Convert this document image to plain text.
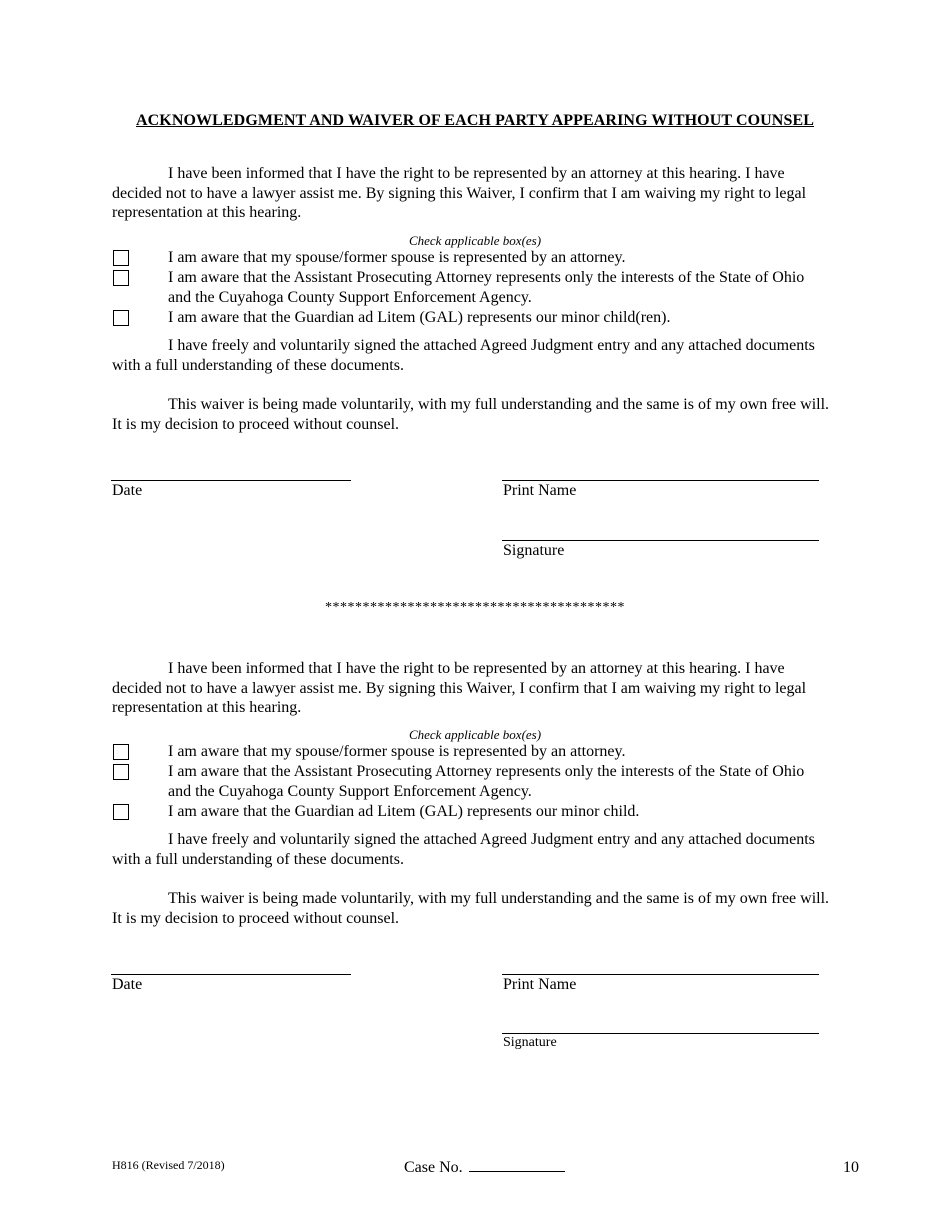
ACKNOWLEDGMENT AND WAIVER OF EACH PARTY APPEARING WITHOUT COUNSEL
I have been informed that I have the right to be represented by an attorney at this hearing. I have decided not to have a lawyer assist me. By signing this Waiver, I confirm that I am waiving my right to legal representation at this hearing.
Check applicable box(es)
I am aware that my spouse/former spouse is represented by an attorney.
I am aware that the Assistant Prosecuting Attorney represents only the interests of the State of Ohio and the Cuyahoga County Support Enforcement Agency.
I am aware that the Guardian ad Litem (GAL) represents our minor child(ren).
I have freely and voluntarily signed the attached Agreed Judgment entry and any attached documents with a full understanding of these documents.
This waiver is being made voluntarily, with my full understanding and the same is of my own free will. It is my decision to proceed without counsel.
Date	Print Name
Signature
****************************************
I have been informed that I have the right to be represented by an attorney at this hearing. I have decided not to have a lawyer assist me. By signing this Waiver, I confirm that I am waiving my right to legal representation at this hearing.
Check applicable box(es)
I am aware that my spouse/former spouse is represented by an attorney.
I am aware that the Assistant Prosecuting Attorney represents only the interests of the State of Ohio and the Cuyahoga County Support Enforcement Agency.
I am aware that the Guardian ad Litem (GAL) represents our minor child.
I have freely and voluntarily signed the attached Agreed Judgment entry and any attached documents with a full understanding of these documents.
This waiver is being made voluntarily, with my full understanding and the same is of my own free will. It is my decision to proceed without counsel.
Date	Print Name
Signature
H816 (Revised 7/2018)	Case No.	10
